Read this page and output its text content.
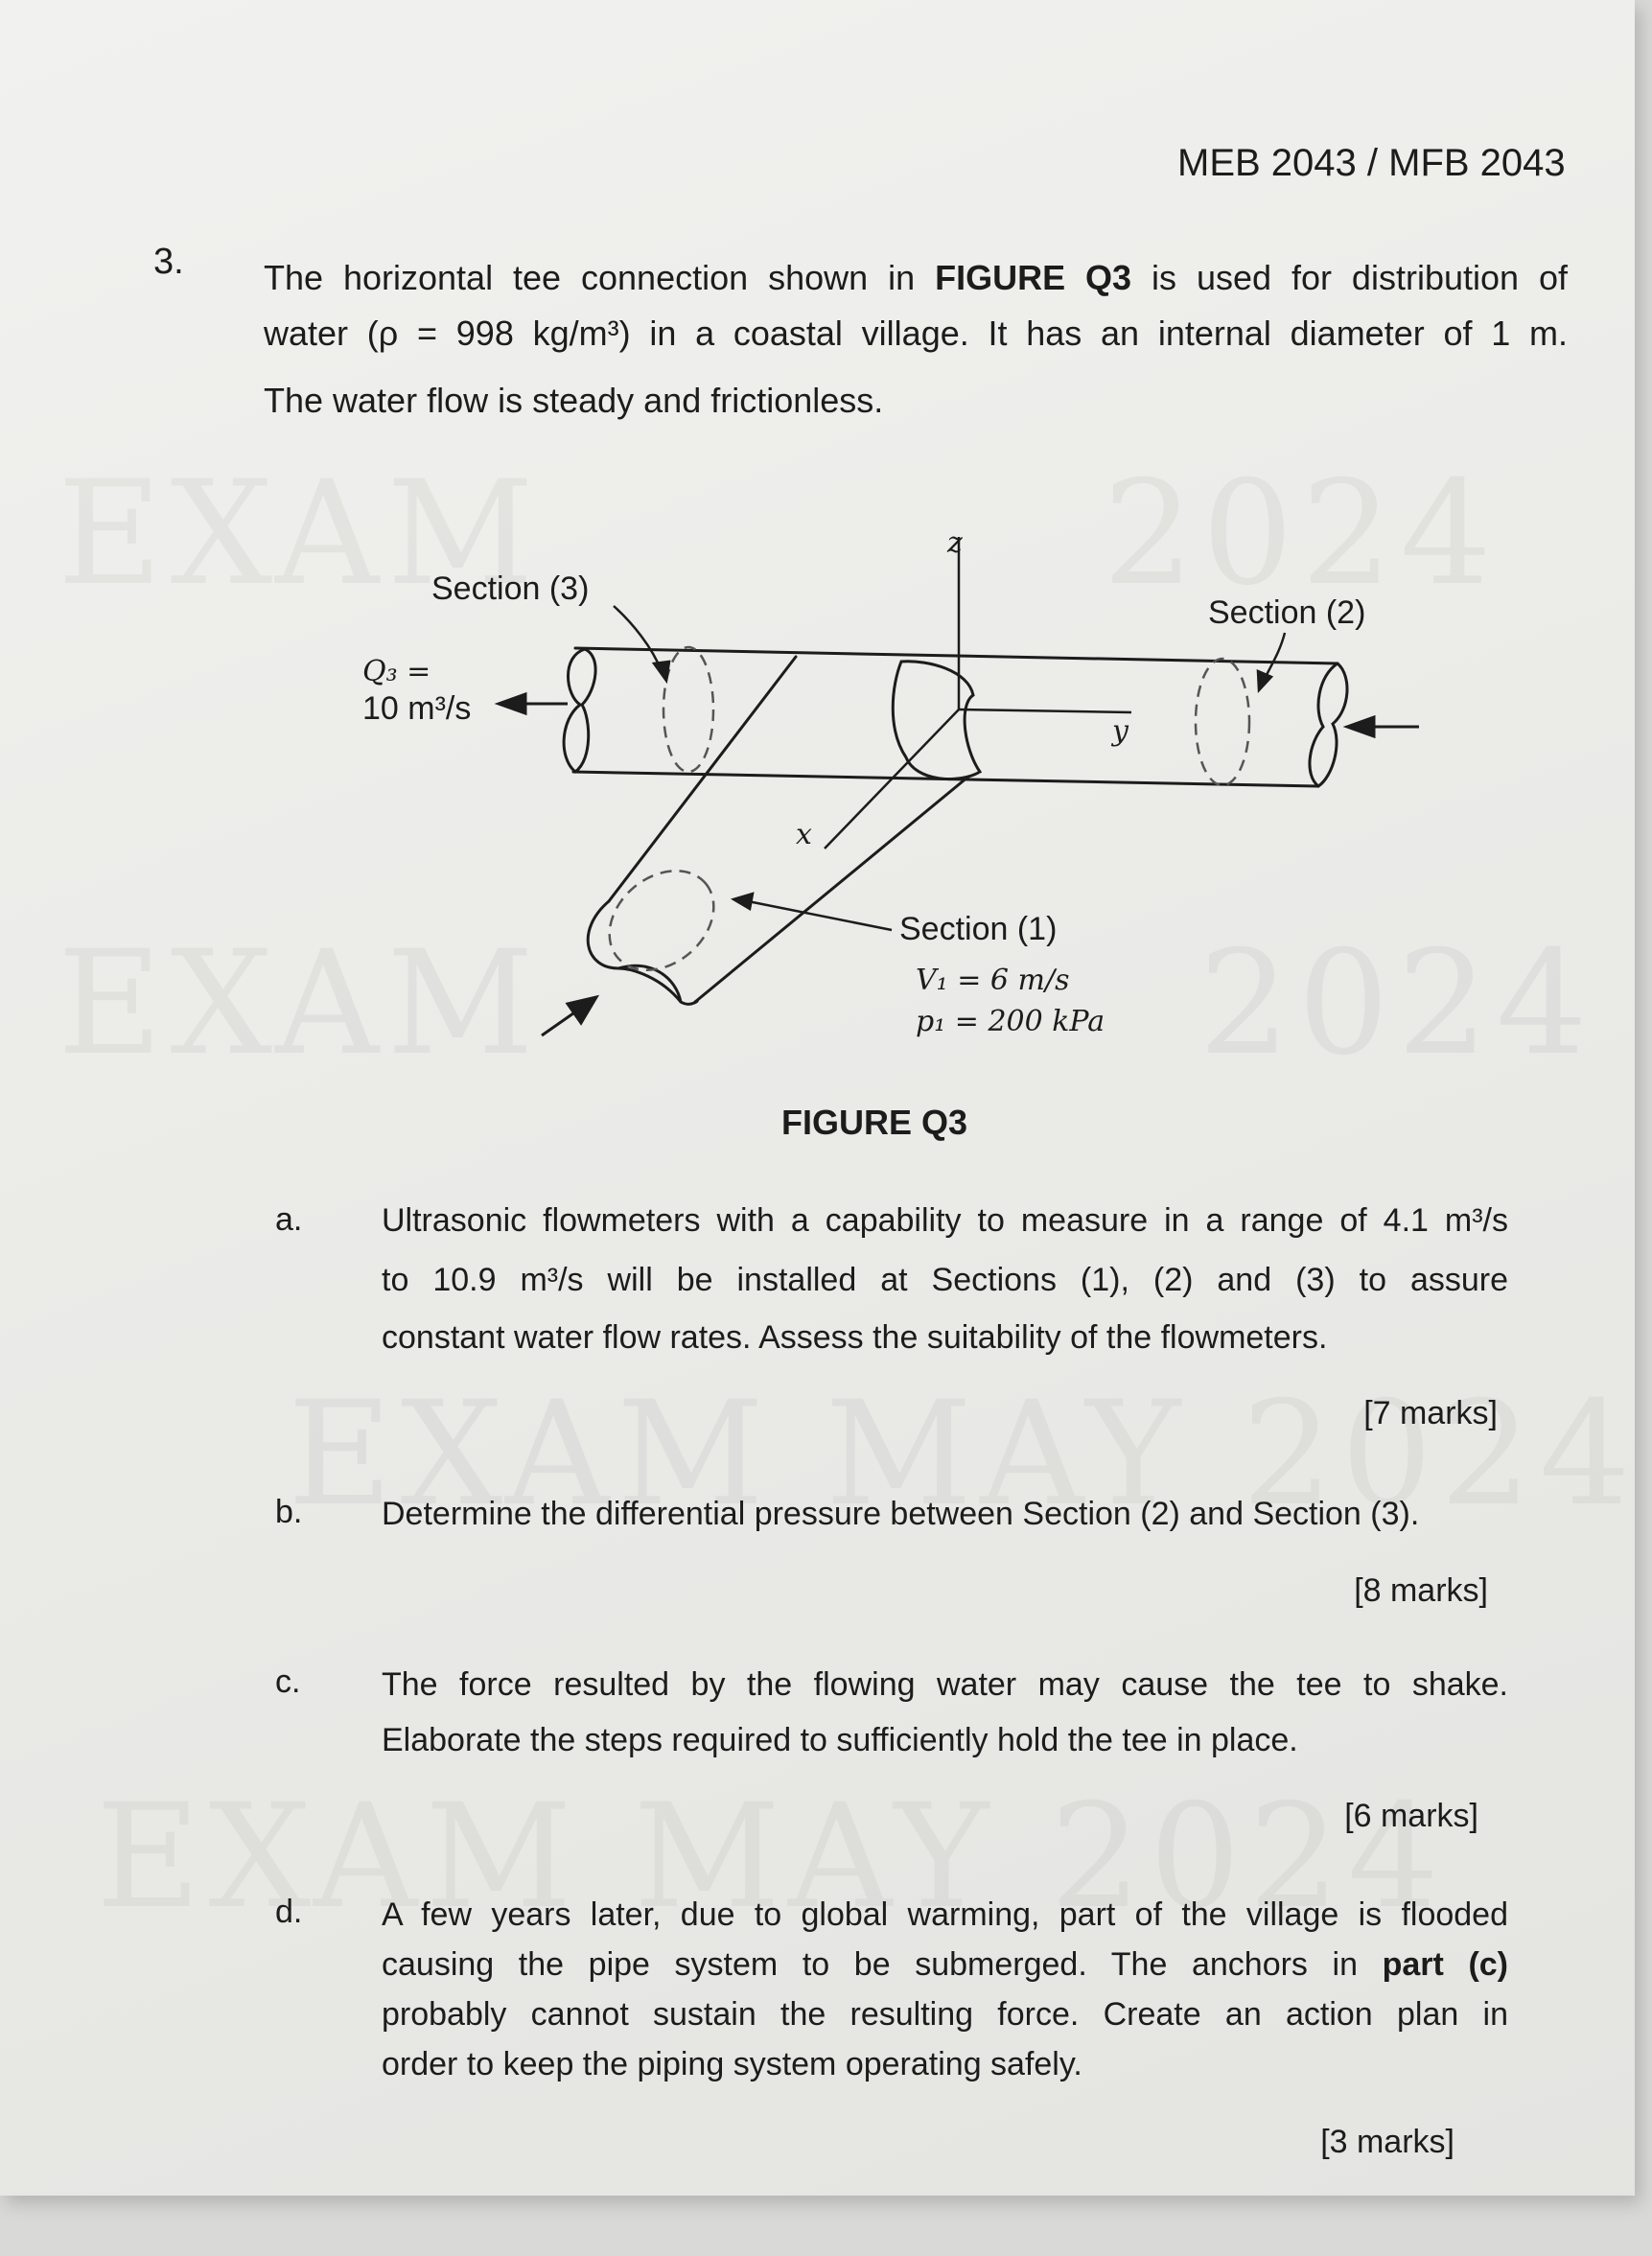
MEB 2043 / MFB 2043
3. The horizontal tee connection shown in FIGURE Q3 is used for distribution of
water (ρ = 998 kg/m³) in a coastal village. It has an internal diameter of 1 m.
The water flow is steady and frictionless.
z
y
x
Section (3)
Section (2)
Section (1)
Q₃ =
10 m³/s
V₁ = 6 m/s
p₁ = 200 kPa
FIGURE Q3
a. Ultrasonic flowmeters with a capability to measure in a range of 4.1 m³/s
to 10.9 m³/s will be installed at Sections (1), (2) and (3) to assure
constant water flow rates. Assess the suitability of the flowmeters.
[7 marks]
b. Determine the differential pressure between Section (2) and Section (3).
[8 marks]
c. The force resulted by the flowing water may cause the tee to shake.
Elaborate the steps required to sufficiently hold the tee in place.
[6 marks]
d. A few years later, due to global warming, part of the village is flooded
causing the pipe system to be submerged. The anchors in part (c)
probably cannot sustain the resulting force. Create an action plan in
order to keep the piping system operating safely.
[3 marks]
